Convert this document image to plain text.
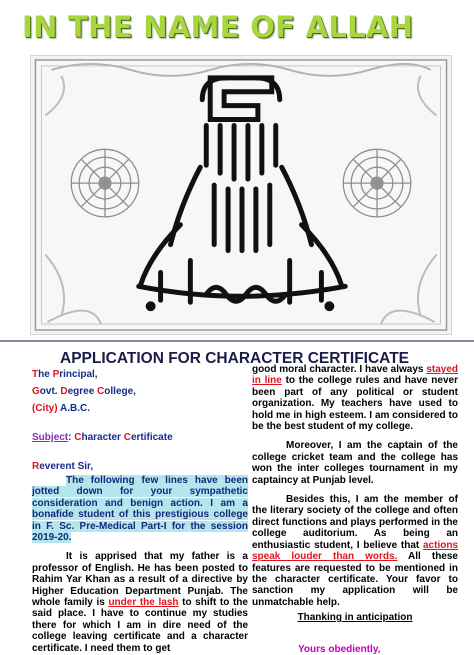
IN THE NAME OF ALLAH
APPLICATION FOR CHARACTER CERTIFICATE
The Principal,
Govt. Degree College,
(City) A.B.C.
Subject: Character Certificate
Reverent Sir,

The following few lines have been jotted down for your sympathetic consideration and benign action. I am a bonafide student of this prestigious college in F. Sc. Pre-Medical Part-I for the session 2019-20.

It is apprised that my father is a professor of English. He has been posted to Rahim Yar Khan as a result of a directive by Higher Education Department Punjab. The whole family is under the lash to shift to the said place. I have to continue my studies there for which I am in dire need of the college leaving certificate and a character certificate. I need them to get

good moral character. I have always stayed in line to the college rules and have never been part of any political or student organization. My teachers have used to hold me in high esteem. I am considered to be the best student of my college.

Moreover, I am the captain of the college cricket team and the college has won the inter colleges tournament in my captaincy at Punjab level.

Besides this, I am the member of the literary society of the college and often direct functions and plays performed in the college auditorium. As being an enthusiastic student, I believe that actions speak louder than words. All these features are requested to be mentioned in the character certificate. Your favor to sanction my application will be unmatchable help.

Thanking in anticipation

Yours obediently,
